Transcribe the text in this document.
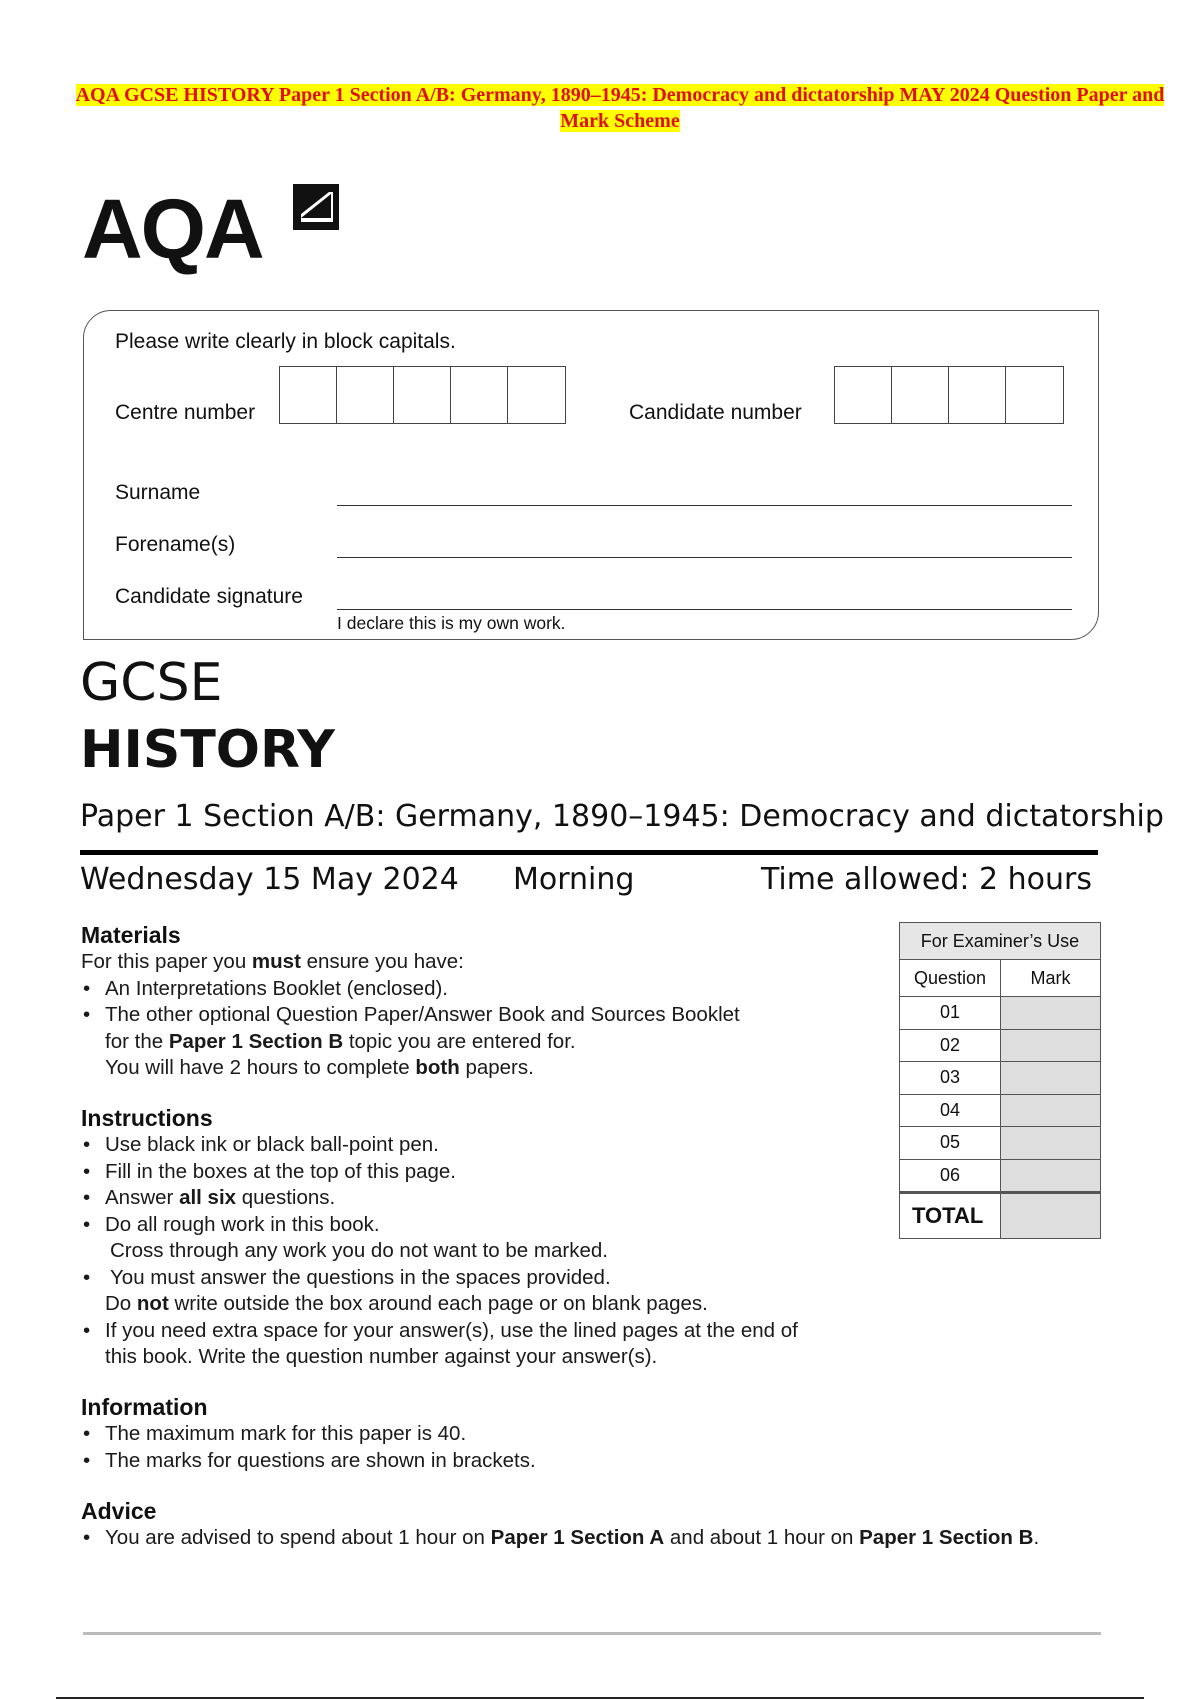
AQA GCSE HISTORY Paper 1 Section A/B: Germany, 1890–1945: Democracy and dictatorship MAY 2024 Question Paper and Mark Scheme
AQA
Please write clearly in block capitals.
Centre number	Candidate number
Surname
Forename(s)
Candidate signature
I declare this is my own work.
GCSE
HISTORY
Paper 1 Section A/B: Germany, 1890–1945: Democracy and dictatorship
Wednesday 15 May 2024 Morning	Time allowed: 2 hours
Materials
For this paper you must ensure you have:
• An Interpretations Booklet (enclosed).
• The other optional Question Paper/Answer Book and Sources Booklet
for the Paper 1 Section B topic you are entered for.
You will have 2 hours to complete both papers.
Instructions
• Use black ink or black ball-point pen.
• Fill in the boxes at the top of this page.
• Answer all six questions.
• Do all rough work in this book.
Cross through any work you do not want to be marked.
• You must answer the questions in the spaces provided.
Do not write outside the box around each page or on blank pages.
• If you need extra space for your answer(s), use the lined pages at the end of
this book. Write the question number against your answer(s).
Information
• The maximum mark for this paper is 40.
• The marks for questions are shown in brackets.
Advice
• You are advised to spend about 1 hour on Paper 1 Section A and about 1 hour on Paper 1 Section B.
For Examiner’s Use	
Question	Mark
01	
02	
03	
04	
05	
06	
TOTAL	
